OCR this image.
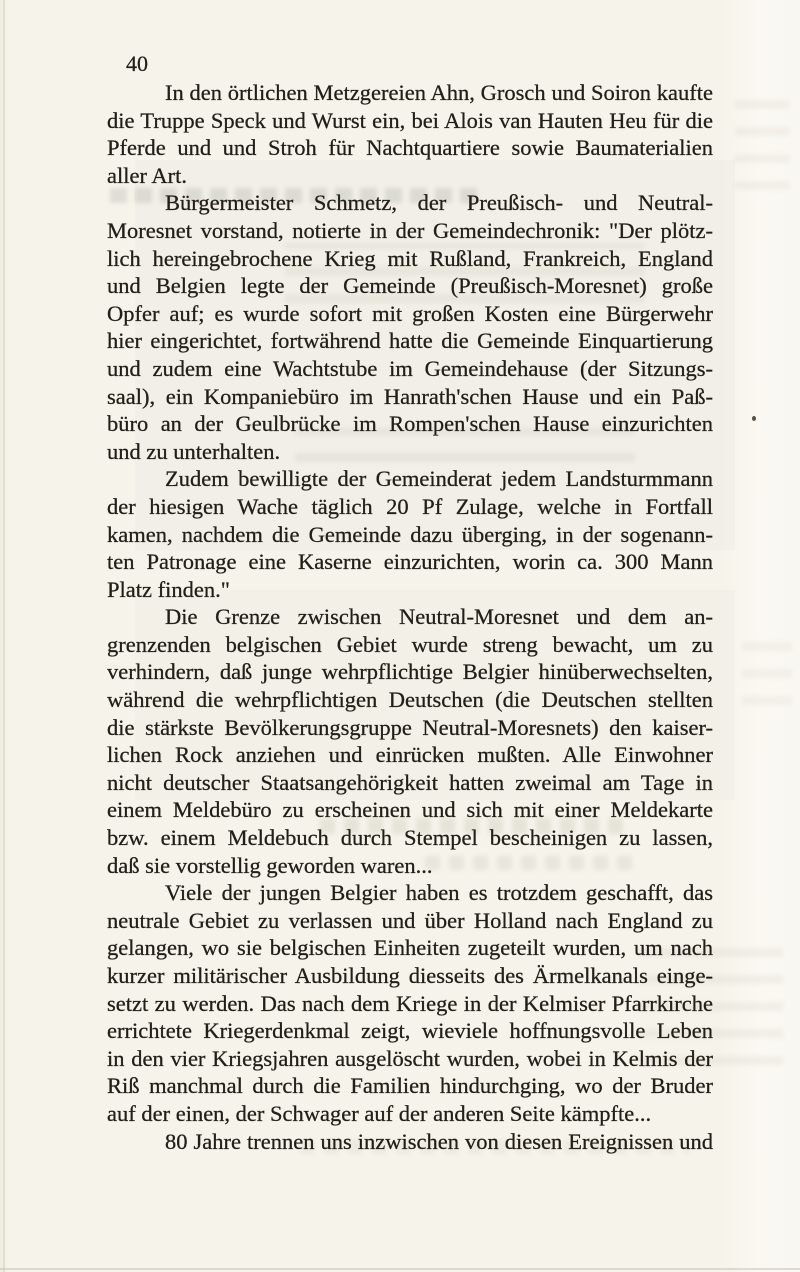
40
In den örtlichen Metzgereien Ahn, Grosch und Soiron kaufte
die Truppe Speck und Wurst ein, bei Alois van Hauten Heu für die
Pferde und und Stroh für Nachtquartiere sowie Baumaterialien
aller Art.
Bürgermeister Schmetz, der Preußisch- und Neutral-
Moresnet vorstand, notierte in der Gemeindechronik: "Der plötz-
lich hereingebrochene Krieg mit Rußland, Frankreich, England
und Belgien legte der Gemeinde (Preußisch-Moresnet) große
Opfer auf; es wurde sofort mit großen Kosten eine Bürgerwehr
hier eingerichtet, fortwährend hatte die Gemeinde Einquartierung
und zudem eine Wachtstube im Gemeindehause (der Sitzungs-
saal), ein Kompaniebüro im Hanrath'schen Hause und ein Paß-
büro an der Geulbrücke im Rompen'schen Hause einzurichten
und zu unterhalten.
Zudem bewilligte der Gemeinderat jedem Landsturmmann
der hiesigen Wache täglich 20 Pf Zulage, welche in Fortfall
kamen, nachdem die Gemeinde dazu überging, in der sogenann-
ten Patronage eine Kaserne einzurichten, worin ca. 300 Mann
Platz finden."
Die Grenze zwischen Neutral-Moresnet und dem an-
grenzenden belgischen Gebiet wurde streng bewacht, um zu
verhindern, daß junge wehrpflichtige Belgier hinüberwechselten,
während die wehrpflichtigen Deutschen (die Deutschen stellten
die stärkste Bevölkerungsgruppe Neutral-Moresnets) den kaiser-
lichen Rock anziehen und einrücken mußten. Alle Einwohner
nicht deutscher Staatsangehörigkeit hatten zweimal am Tage in
einem Meldebüro zu erscheinen und sich mit einer Meldekarte
bzw. einem Meldebuch durch Stempel bescheinigen zu lassen,
daß sie vorstellig geworden waren...
Viele der jungen Belgier haben es trotzdem geschafft, das
neutrale Gebiet zu verlassen und über Holland nach England zu
gelangen, wo sie belgischen Einheiten zugeteilt wurden, um nach
kurzer militärischer Ausbildung diesseits des Ärmelkanals einge-
setzt zu werden. Das nach dem Kriege in der Kelmiser Pfarrkirche
errichtete Kriegerdenkmal zeigt, wieviele hoffnungsvolle Leben
in den vier Kriegsjahren ausgelöscht wurden, wobei in Kelmis der
Riß manchmal durch die Familien hindurchging, wo der Bruder
auf der einen, der Schwager auf der anderen Seite kämpfte...
80 Jahre trennen uns inzwischen von diesen Ereignissen und
